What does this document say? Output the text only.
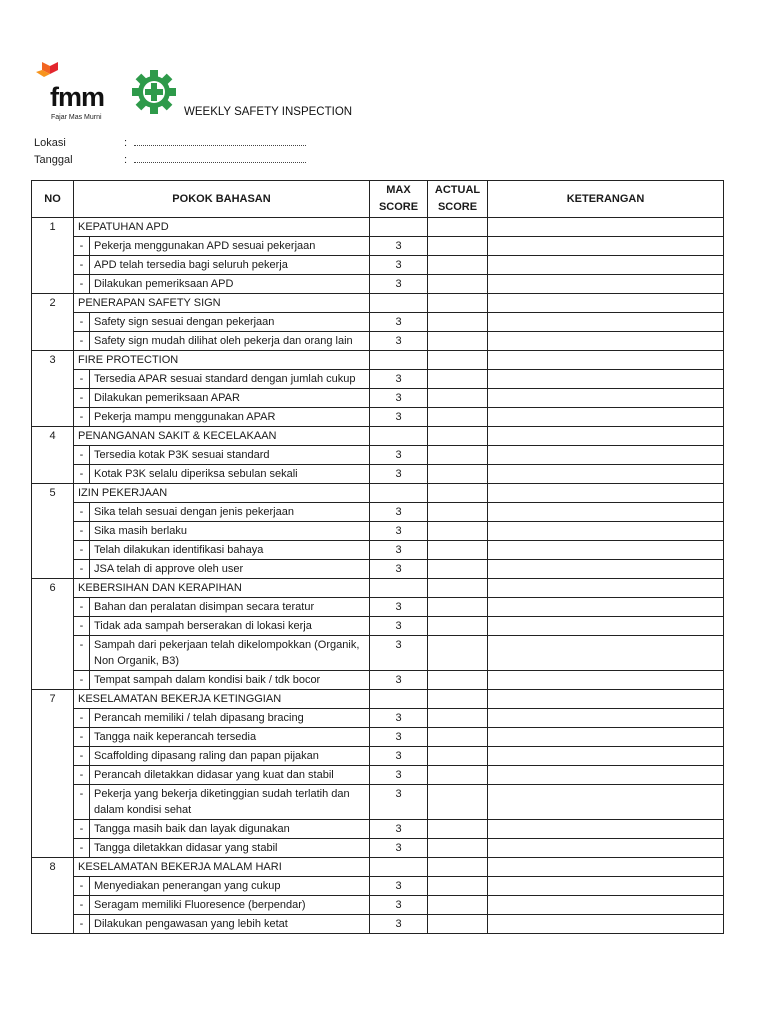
fmm
Fajar Mas Murni	WEEKLY SAFETY INSPECTION
Lokasi	:
Tanggal	:
NO	POKOK BAHASAN		MAX SCORE	ACTUAL SCORE	KETERANGAN
1	KEPATUHAN APD				
	-	Pekerja menggunakan APD sesuai pekerjaan	3		
	-	APD telah tersedia bagi seluruh pekerja	3		
	-	Dilakukan pemeriksaan APD	3		
2	PENERAPAN SAFETY SIGN				
	-	Safety sign sesuai dengan pekerjaan	3		
	-	Safety sign mudah dilihat oleh pekerja dan orang lain	3		
3	FIRE PROTECTION				
	-	Tersedia APAR sesuai standard dengan jumlah cukup	3		
	-	Dilakukan pemeriksaan APAR	3		
	-	Pekerja mampu menggunakan APAR	3		
4	PENANGANAN SAKIT & KECELAKAAN				
	-	Tersedia kotak P3K sesuai standard	3		
	-	Kotak P3K selalu diperiksa sebulan sekali	3		
5	IZIN PEKERJAAN				
	-	Sika telah sesuai dengan jenis pekerjaan	3		
	-	Sika masih berlaku	3		
	-	Telah dilakukan identifikasi bahaya	3		
	-	JSA telah di approve oleh user	3		
6	KEBERSIHAN DAN KERAPIHAN				
	-	Bahan dan peralatan disimpan secara teratur	3		
	-	Tidak ada sampah berserakan di lokasi kerja	3		
	-	Sampah dari pekerjaan telah dikelompokkan (Organik, Non Organik, B3)	3		
	-	Tempat sampah dalam kondisi baik / tdk bocor	3		
7	KESELAMATAN BEKERJA KETINGGIAN				
	-	Perancah memiliki / telah dipasang bracing	3		
	-	Tangga naik keperancah tersedia	3		
	-	Scaffolding dipasang raling dan papan pijakan	3		
	-	Perancah diletakkan didasar yang kuat dan stabil	3		
	-	Pekerja yang bekerja diketinggian sudah terlatih dan dalam kondisi sehat	3		
	-	Tangga masih baik dan layak digunakan	3		
	-	Tangga diletakkan didasar yang stabil	3		
8	KESELAMATAN BEKERJA MALAM HARI				
	-	Menyediakan penerangan yang cukup	3		
	-	Seragam memiliki Fluoresence (berpendar)	3		
	-	Dilakukan pengawasan yang lebih ketat	3		
